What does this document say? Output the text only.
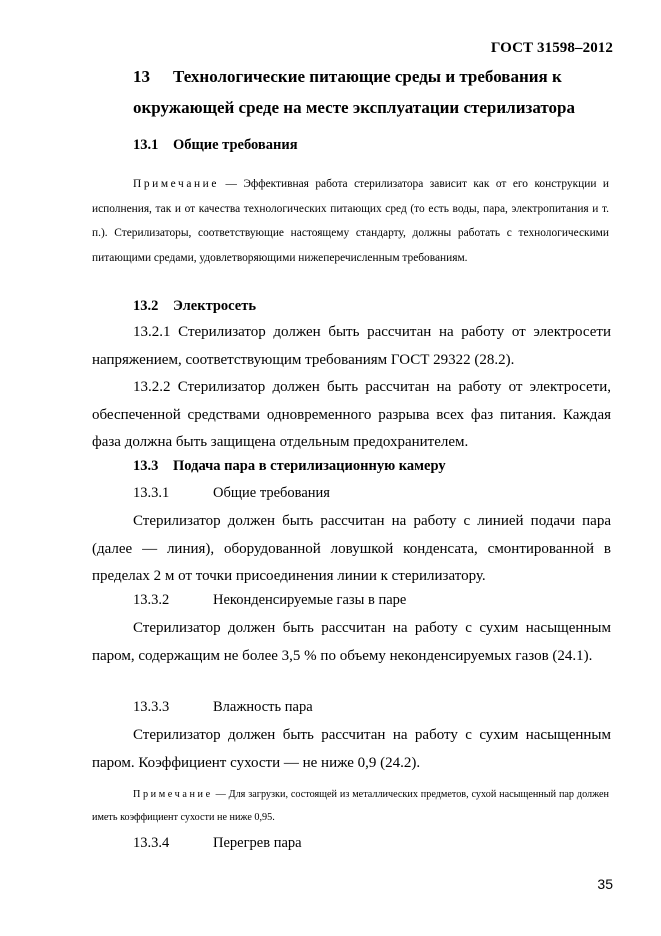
ГОСТ 31598–2012
13 Технологические питающие среды и требования к окружающей среде на месте эксплуатации стерилизатора
13.1 Общие требования
Примечание — Эффективная работа стерилизатора зависит как от его конструкции и исполнения, так и от качества технологических питающих сред (то есть воды, пара, электропитания и т. п.). Стерилизаторы, соответствующие настоящему стандарту, должны работать с технологическими питающими средами, удовлетворяющими нижеперечисленным требованиям.
13.2 Электросеть
13.2.1 Стерилизатор должен быть рассчитан на работу от электросети напряжением, соответствующим требованиям ГОСТ 29322 (28.2).
13.2.2 Стерилизатор должен быть рассчитан на работу от электросети, обеспеченной средствами одновременного разрыва всех фаз питания. Каждая фаза должна быть защищена отдельным предохранителем.
13.3 Подача пара в стерилизационную камеру
13.3.1	Общие требования
Стерилизатор должен быть рассчитан на работу с линией подачи пара (далее — линия), оборудованной ловушкой конденсата, смонтированной в пределах 2 м от точки присоединения линии к стерилизатору.
13.3.2	Неконденсируемые газы в паре
Стерилизатор должен быть рассчитан на работу с сухим насыщенным паром, содержащим не более 3,5 % по объему неконденсируемых газов (24.1).
13.3.3	Влажность пара
Стерилизатор должен быть рассчитан на работу с сухим насыщенным паром. Коэффициент сухости — не ниже 0,9 (24.2).
Примечание — Для загрузки, состоящей из металлических предметов, сухой насыщенный пар должен иметь коэффициент сухости не ниже 0,95.
13.3.4	Перегрев пара
35
